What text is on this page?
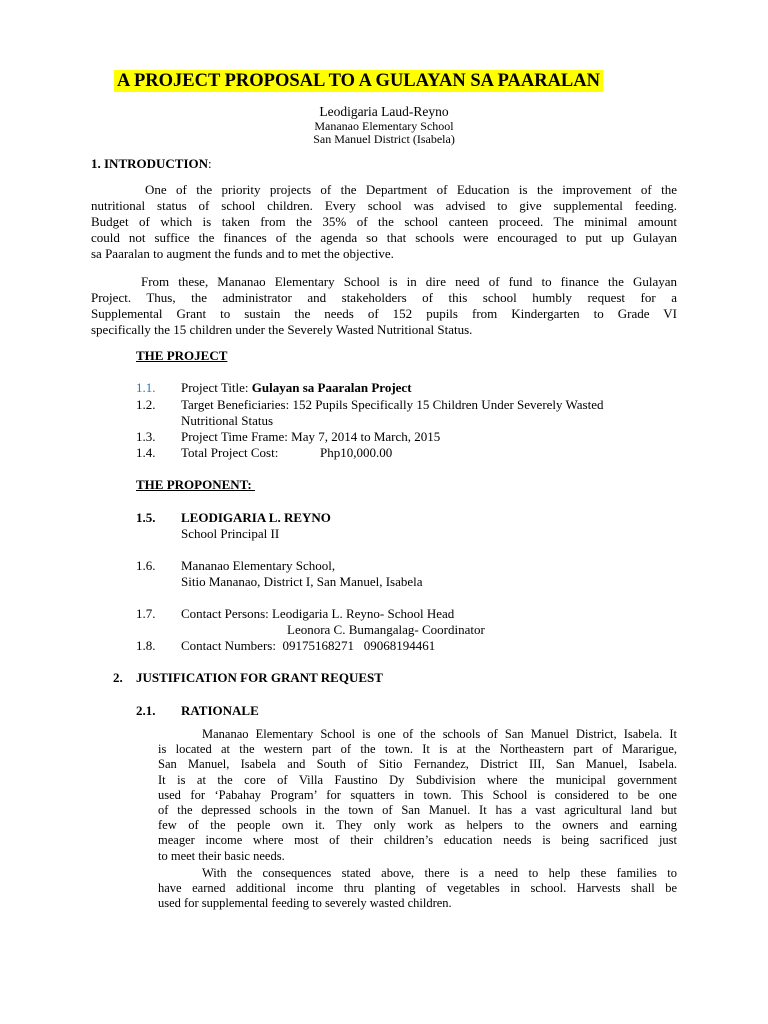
A PROJECT PROPOSAL TO A GULAYAN SA PAARALAN
Leodigaria Laud-Reyno
Mananao Elementary School
San Manuel District (Isabela)
1. INTRODUCTION:
One of the priority projects of the Department of Education is the improvement of the
nutritional status of school children. Every school was advised to give supplemental feeding.
Budget of which is taken from the 35% of the school canteen proceed. The minimal amount
could not suffice the finances of the agenda so that schools were encouraged to put up Gulayan
sa Paaralan to augment the funds and to met the objective.
From these, Mananao Elementary School is in dire need of fund to finance the Gulayan
Project. Thus, the administrator and stakeholders of this school humbly request for a
Supplemental Grant to sustain the needs of 152 pupils from Kindergarten to Grade VI
specifically the 15 children under the Severely Wasted Nutritional Status.
THE PROJECT
1.1. Project Title: Gulayan sa Paaralan Project
1.2. Target Beneficiaries: 152 Pupils Specifically 15 Children Under Severely Wasted
Nutritional Status
1.3. Project Time Frame: May 7, 2014 to March, 2015
1.4. Total Project Cost:	Php10,000.00
THE PROPONENT:
1.5. LEODIGARIA L. REYNO
School Principal II
1.6. Mananao Elementary School,
Sitio Mananao, District I, San Manuel, Isabela
1.7. Contact Persons: Leodigaria L. Reyno- School Head
Leonora C. Bumangalag- Coordinator
1.8. Contact Numbers:  09175168271   09068194461
2. JUSTIFICATION FOR GRANT REQUEST
2.1. RATIONALE
Mananao Elementary School is one of the schools of San Manuel District, Isabela. It
is located at the western part of the town. It is at the Northeastern part of Mararigue,
San Manuel, Isabela and South of Sitio Fernandez, District III, San Manuel, Isabela.
It is at the core of Villa Faustino Dy Subdivision where the municipal government
used for ‘Pabahay Program’ for squatters in town. This School is considered to be one
of the depressed schools in the town of San Manuel. It has a vast agricultural land but
few of the people own it. They only work as helpers to the owners and earning
meager income where most of their children’s education needs is being sacrificed just
to meet their basic needs.
With the consequences stated above, there is a need to help these families to
have earned additional income thru planting of vegetables in school. Harvests shall be
used for supplemental feeding to severely wasted children.
